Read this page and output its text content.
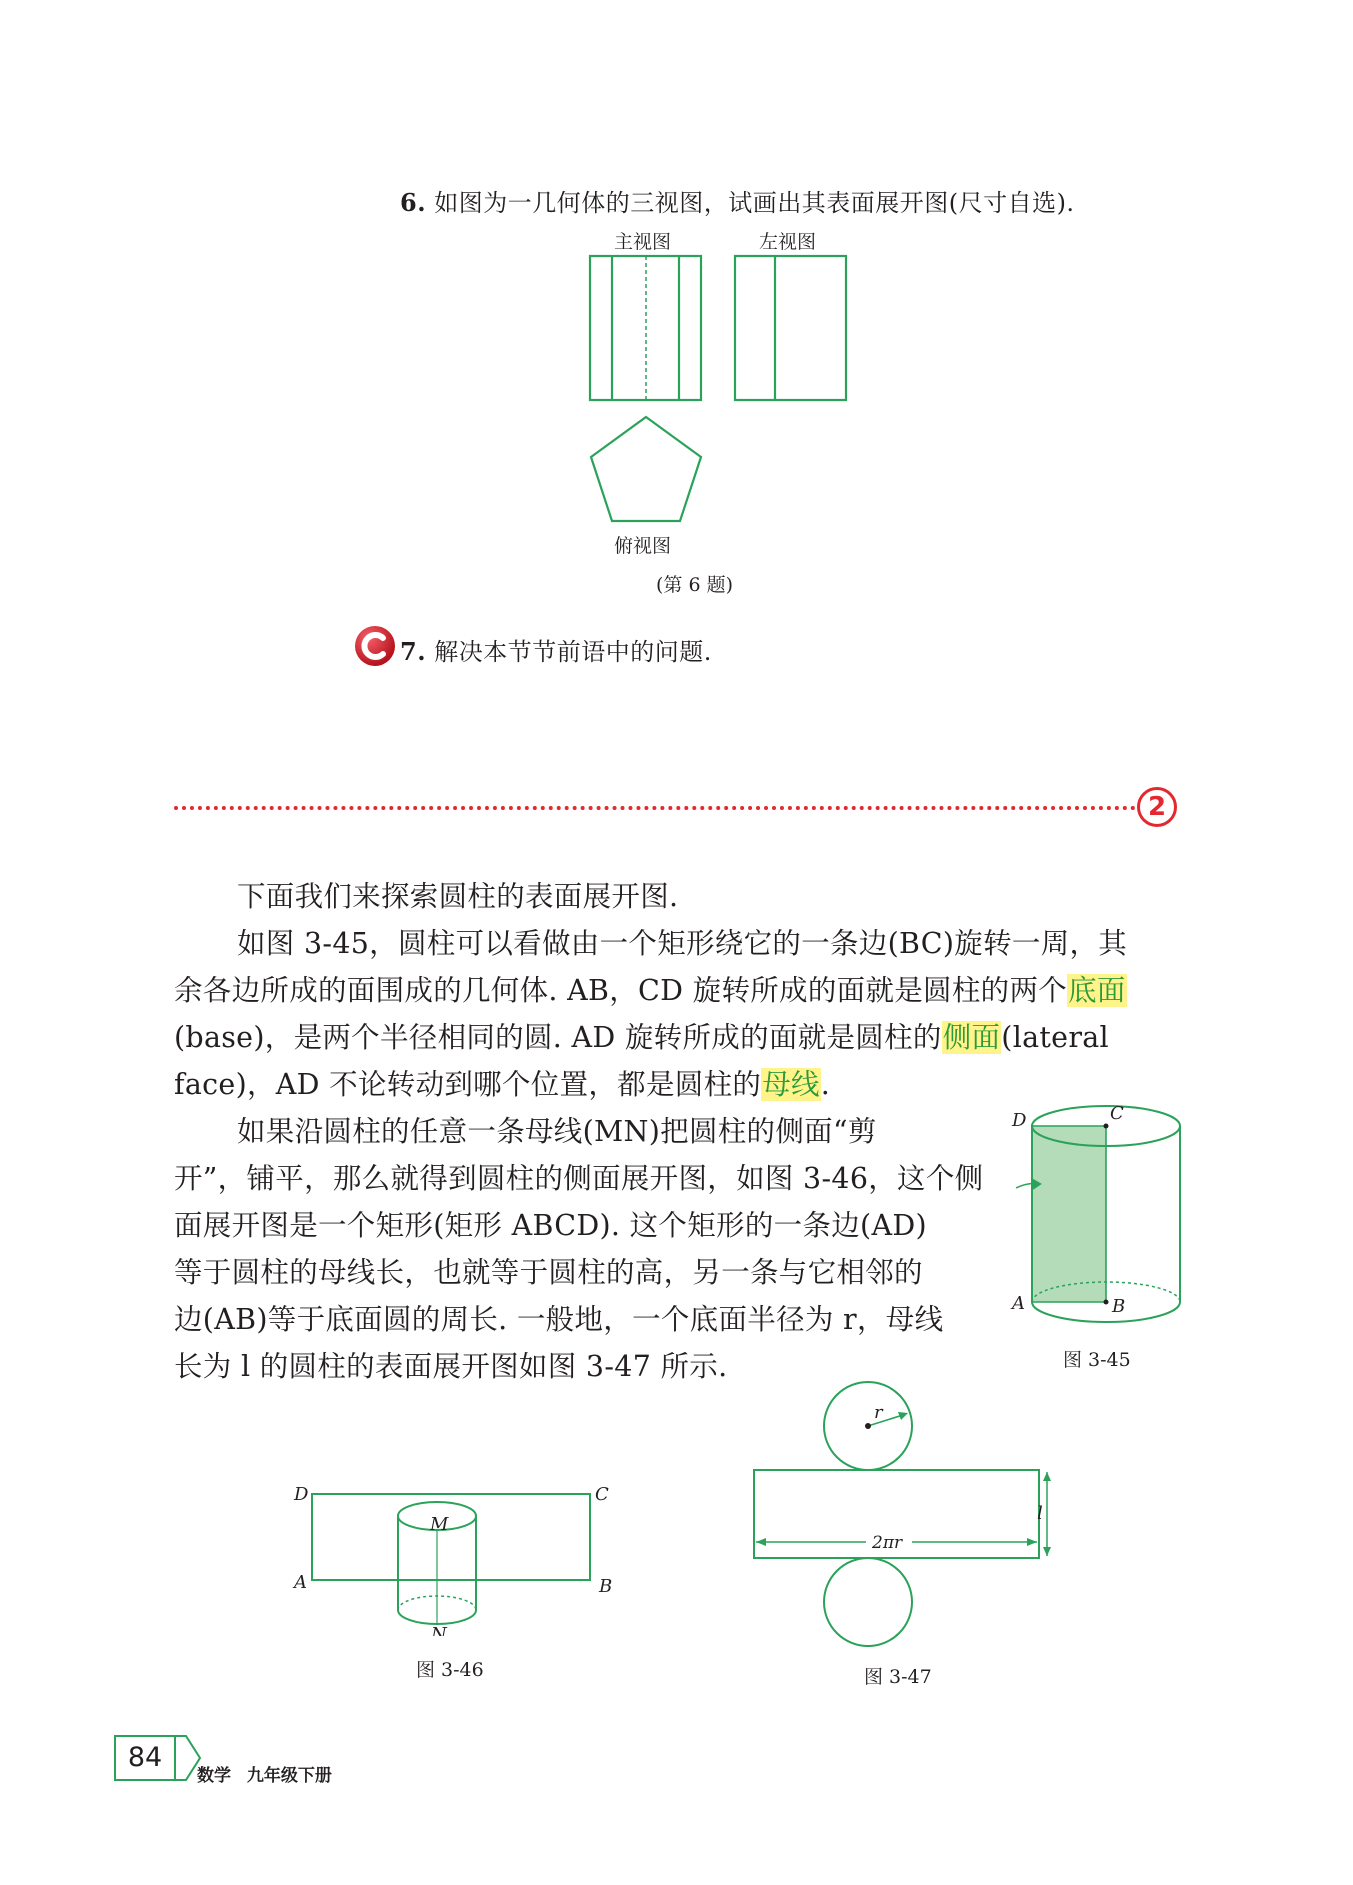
6. 如图为一几何体的三视图，试画出其表面展开图(尺寸自选).
主视图	左视图
俯视图
(第 6 题)
7. 解决本节节前语中的问题.
2
下面我们来探索圆柱的表面展开图.
如图 3-45，圆柱可以看做由一个矩形绕它的一条边(BC)旋转一周，其
余各边所成的面围成的几何体. AB，CD 旋转所成的面就是圆柱的两个底面
(base)，是两个半径相同的圆. AD 旋转所成的面就是圆柱的侧面(lateral
face)，AD 不论转动到哪个位置，都是圆柱的母线.
如果沿圆柱的任意一条母线(MN)把圆柱的侧面“剪
开”，铺平，那么就得到圆柱的侧面展开图，如图 3-46，这个侧
面展开图是一个矩形(矩形 ABCD). 这个矩形的一条边(AD)
等于圆柱的母线长，也就等于圆柱的高，另一条与它相邻的
边(AB)等于底面圆的周长. 一般地，一个底面半径为 r，母线
长为 l 的圆柱的表面展开图如图 3-47 所示.
D	C
A	B
图 3-45
D	C
A	B
M
N
图 3-46
r
l
2πr
图 3-47
84
数学 九年级下册
